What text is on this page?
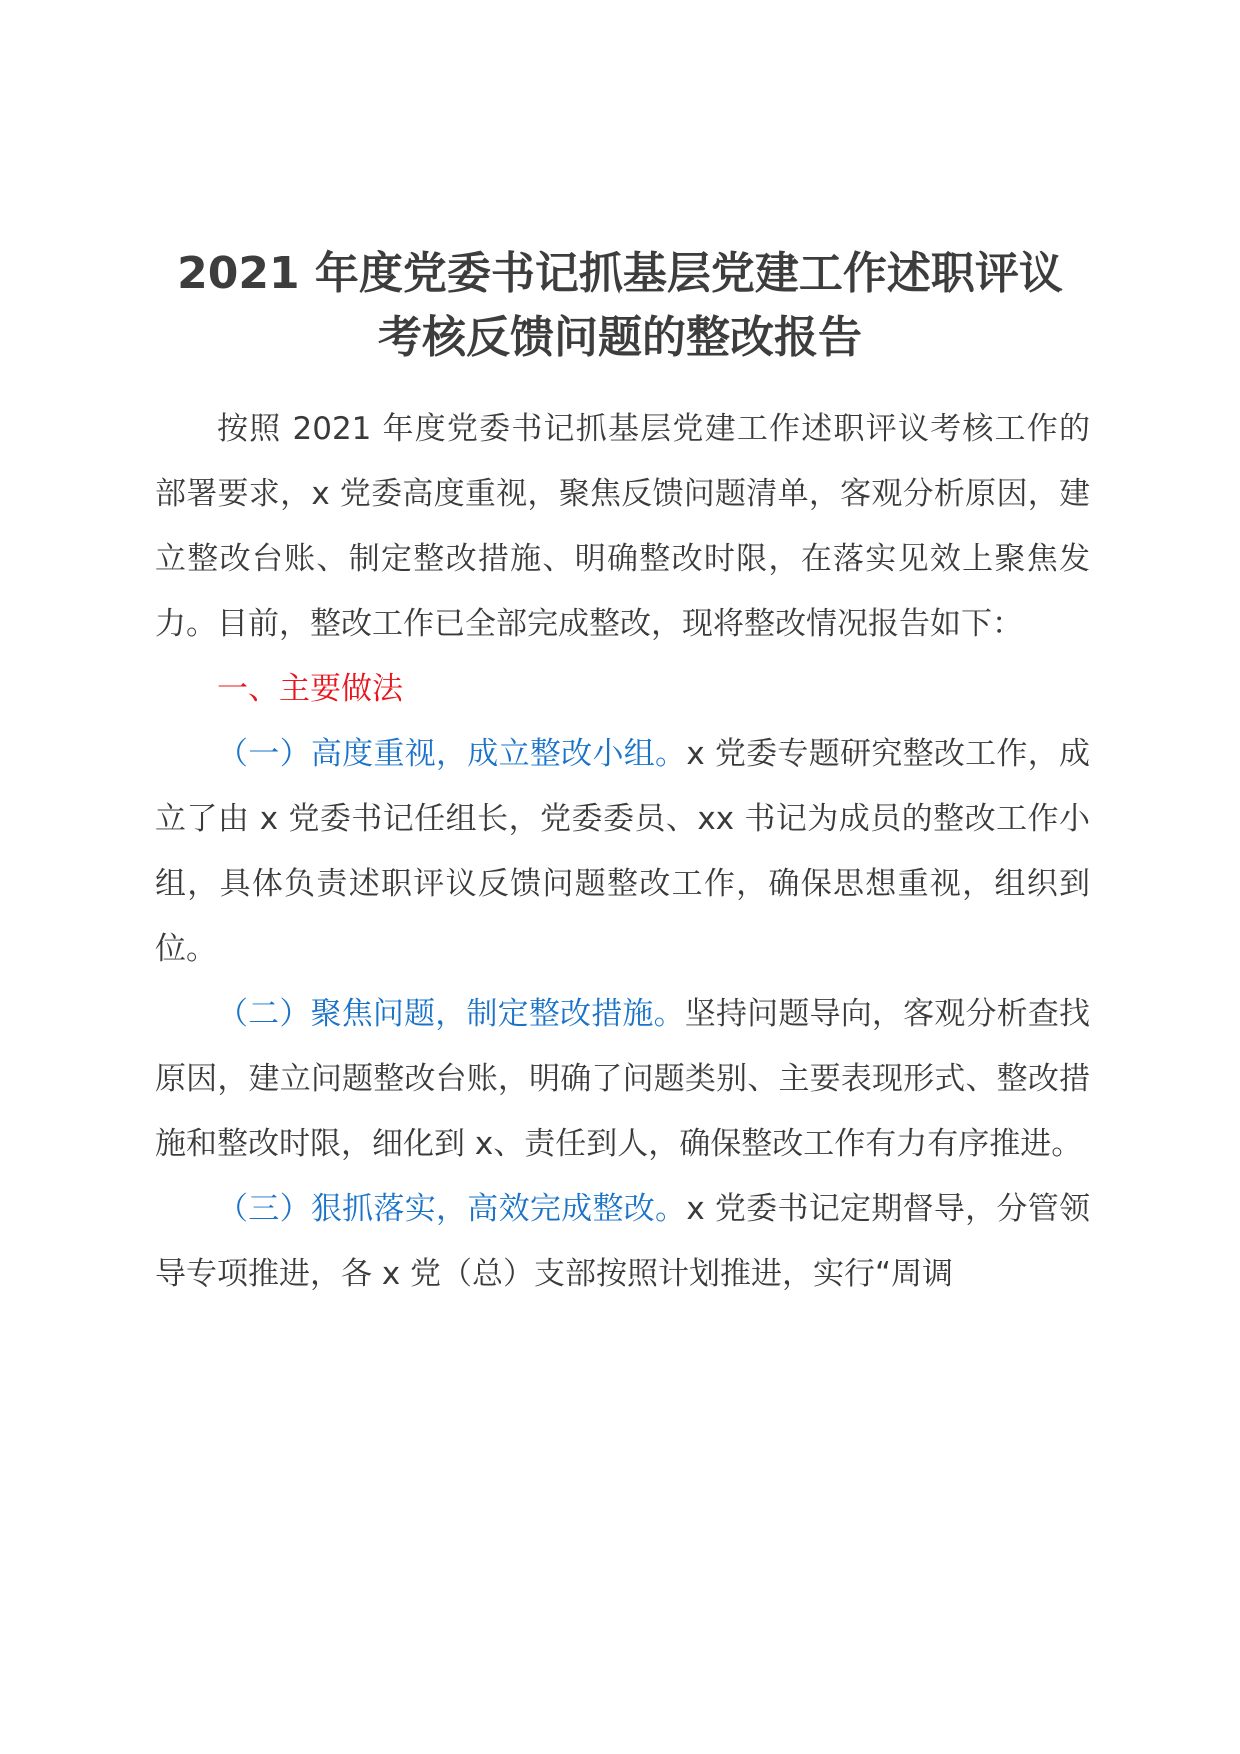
2021 年度党委书记抓基层党建工作述职评议
考核反馈问题的整改报告

按照 2021 年度党委书记抓基层党建工作述职评议考核工作的部署要求，x 党委高度重视，聚焦反馈问题清单，客观分析原因，建立整改台账、制定整改措施、明确整改时限，在落实见效上聚焦发力。目前，整改工作已全部完成整改，现将整改情况报告如下：

一、主要做法

（一）高度重视，成立整改小组。x 党委专题研究整改工作，成立了由 x 党委书记任组长，党委委员、xx 书记为成员的整改工作小组，具体负责述职评议反馈问题整改工作，确保思想重视，组织到位。

（二）聚焦问题，制定整改措施。坚持问题导向，客观分析查找原因，建立问题整改台账，明确了问题类别、主要表现形式、整改措施和整改时限，细化到 x、责任到人，确保整改工作有力有序推进。

（三）狠抓落实，高效完成整改。x 党委书记定期督导，分管领导专项推进，各 x 党（总）支部按照计划推进，实行“周调
